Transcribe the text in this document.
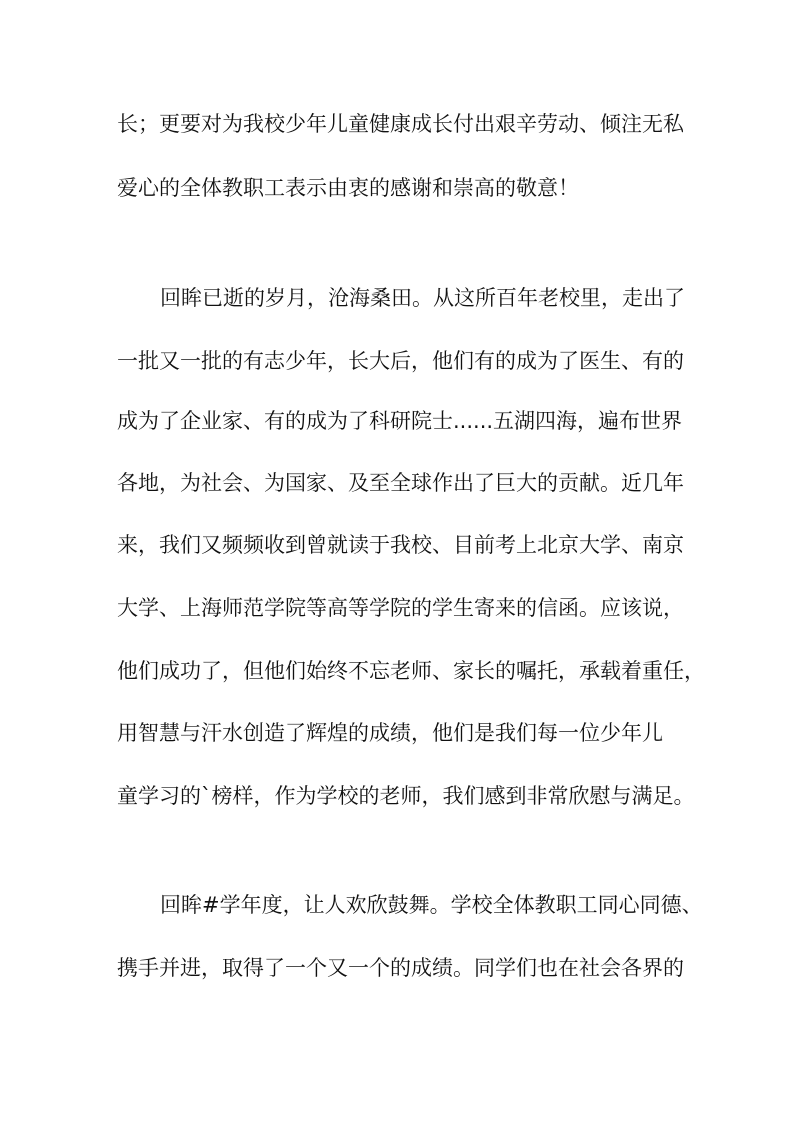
长；更要对为我校少年儿童健康成长付出艰辛劳动、倾注无私

爱心的全体教职工表示由衷的感谢和崇高的敬意！

回眸已逝的岁月，沧海桑田。从这所百年老校里，走出了

一批又一批的有志少年，长大后，他们有的成为了医生、有的

成为了企业家、有的成为了科研院士......五湖四海，遍布世界

各地，为社会、为国家、及至全球作出了巨大的贡献。近几年

来，我们又频频收到曾就读于我校、目前考上北京大学、南京

大学、上海师范学院等高等学院的学生寄来的信函。应该说，

他们成功了，但他们始终不忘老师、家长的嘱托，承载着重任，

用智慧与汗水创造了辉煌的成绩，他们是我们每一位少年儿

童学习的`榜样，作为学校的老师，我们感到非常欣慰与满足。

回眸#学年度，让人欢欣鼓舞。学校全体教职工同心同德、

携手并进，取得了一个又一个的成绩。同学们也在社会各界的
